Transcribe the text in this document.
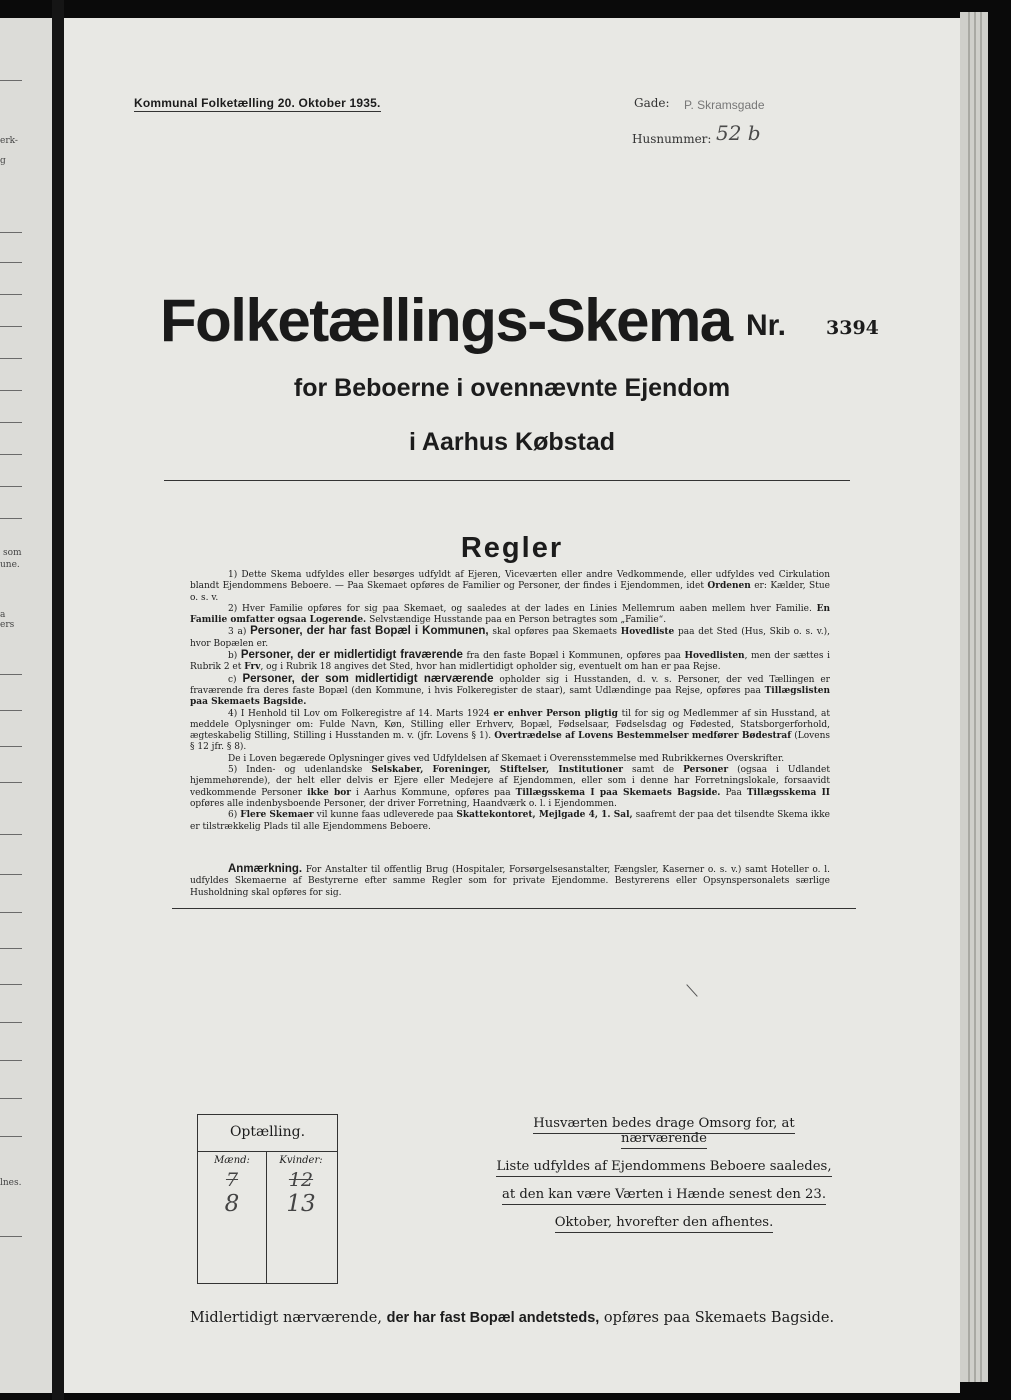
erk-
g
som
une.
a
ers
lnes.
Kommunal Folketælling 20. Oktober 1935.	Gade: P. Skramsgade
Husnummer: 52 b
Folketællings-Skema Nr. 3394
for Beboerne i ovennævnte Ejendom
i Aarhus Købstad
Regler

1) Dette Skema udfyldes eller besørges udfyldt af Ejeren, Viceværten eller andre Vedkommende, eller udfyldes ved Cirkulation blandt Ejendommens Beboere. — Paa Skemaet opføres de Familier og Personer, der findes i Ejendommen, idet Ordenen er: Kælder, Stue o. s. v.

2) Hver Familie opføres for sig paa Skemaet, og saaledes at der lades en Linies Mellemrum aaben mellem hver Familie. En Familie omfatter ogsaa Logerende. Selvstændige Husstande paa en Person betragtes som „Familie“.

3 a) Personer, der har fast Bopæl i Kommunen, skal opføres paa Skemaets Hovedliste paa det Sted (Hus, Skib o. s. v.), hvor Bopælen er.

b) Personer, der er midlertidigt fraværende fra den faste Bopæl i Kommunen, opføres paa Hovedlisten, men der sættes i Rubrik 2 et Frv, og i Rubrik 18 angives det Sted, hvor han midlertidigt opholder sig, eventuelt om han er paa Rejse.

c) Personer, der som midlertidigt nærværende opholder sig i Husstanden, d. v. s. Personer, der ved Tællingen er fraværende fra deres faste Bopæl (den Kommune, i hvis Folkeregister de staar), samt Udlændinge paa Rejse, opføres paa Tillægslisten paa Skemaets Bagside.

4) I Henhold til Lov om Folkeregistre af 14. Marts 1924 er enhver Person pligtig til for sig og Medlemmer af sin Husstand, at meddele Oplysninger om: Fulde Navn, Køn, Stilling eller Erhverv, Bopæl, Fødselsaar, Fødselsdag og Fødested, Statsborgerforhold, ægteskabelig Stilling, Stilling i Husstanden m. v. (jfr. Lovens § 1). Overtrædelse af Lovens Bestemmelser medfører Bødestraf (Lovens § 12 jfr. § 8).

De i Loven begærede Oplysninger gives ved Udfyldelsen af Skemaet i Overensstemmelse med Rubrikkernes Overskrifter.

5) Inden- og udenlandske Selskaber, Foreninger, Stiftelser, Institutioner samt de Personer (ogsaa i Udlandet hjemmehørende), der helt eller delvis er Ejere eller Medejere af Ejendommen, eller som i denne har Forretningslokale, forsaavidt vedkommende Personer ikke bor i Aarhus Kommune, opføres paa Tillægsskema I paa Skemaets Bagside. Paa Tillægsskema II opføres alle indenbysboende Personer, der driver Forretning, Haandværk o. l. i Ejendommen.

6) Flere Skemaer vil kunne faas udleverede paa Skattekontoret, Mejlgade 4, 1. Sal, saafremt der paa det tilsendte Skema ikke er tilstrækkelig Plads til alle Ejendommens Beboere.

Anmærkning. For Anstalter til offentlig Brug (Hospitaler, Forsørgelsesanstalter, Fængsler, Kaserner o. s. v.) samt Hoteller o. l. udfyldes Skemaerne af Bestyrerne efter samme Regler som for private Ejendomme. Bestyrerens eller Opsynspersonalets særlige Husholdning skal opføres for sig.

Optælling.
Mænd:
7
8
Kvinder:
12
13
Husværten bedes drage Omsorg for, at nærværende
Liste udfyldes af Ejendommens Beboere saaledes,
at den kan være Værten i Hænde senest den 23.
Oktober, hvorefter den afhentes.
Midlertidigt nærværende, der har fast Bopæl andetsteds, opføres paa Skemaets Bagside.
